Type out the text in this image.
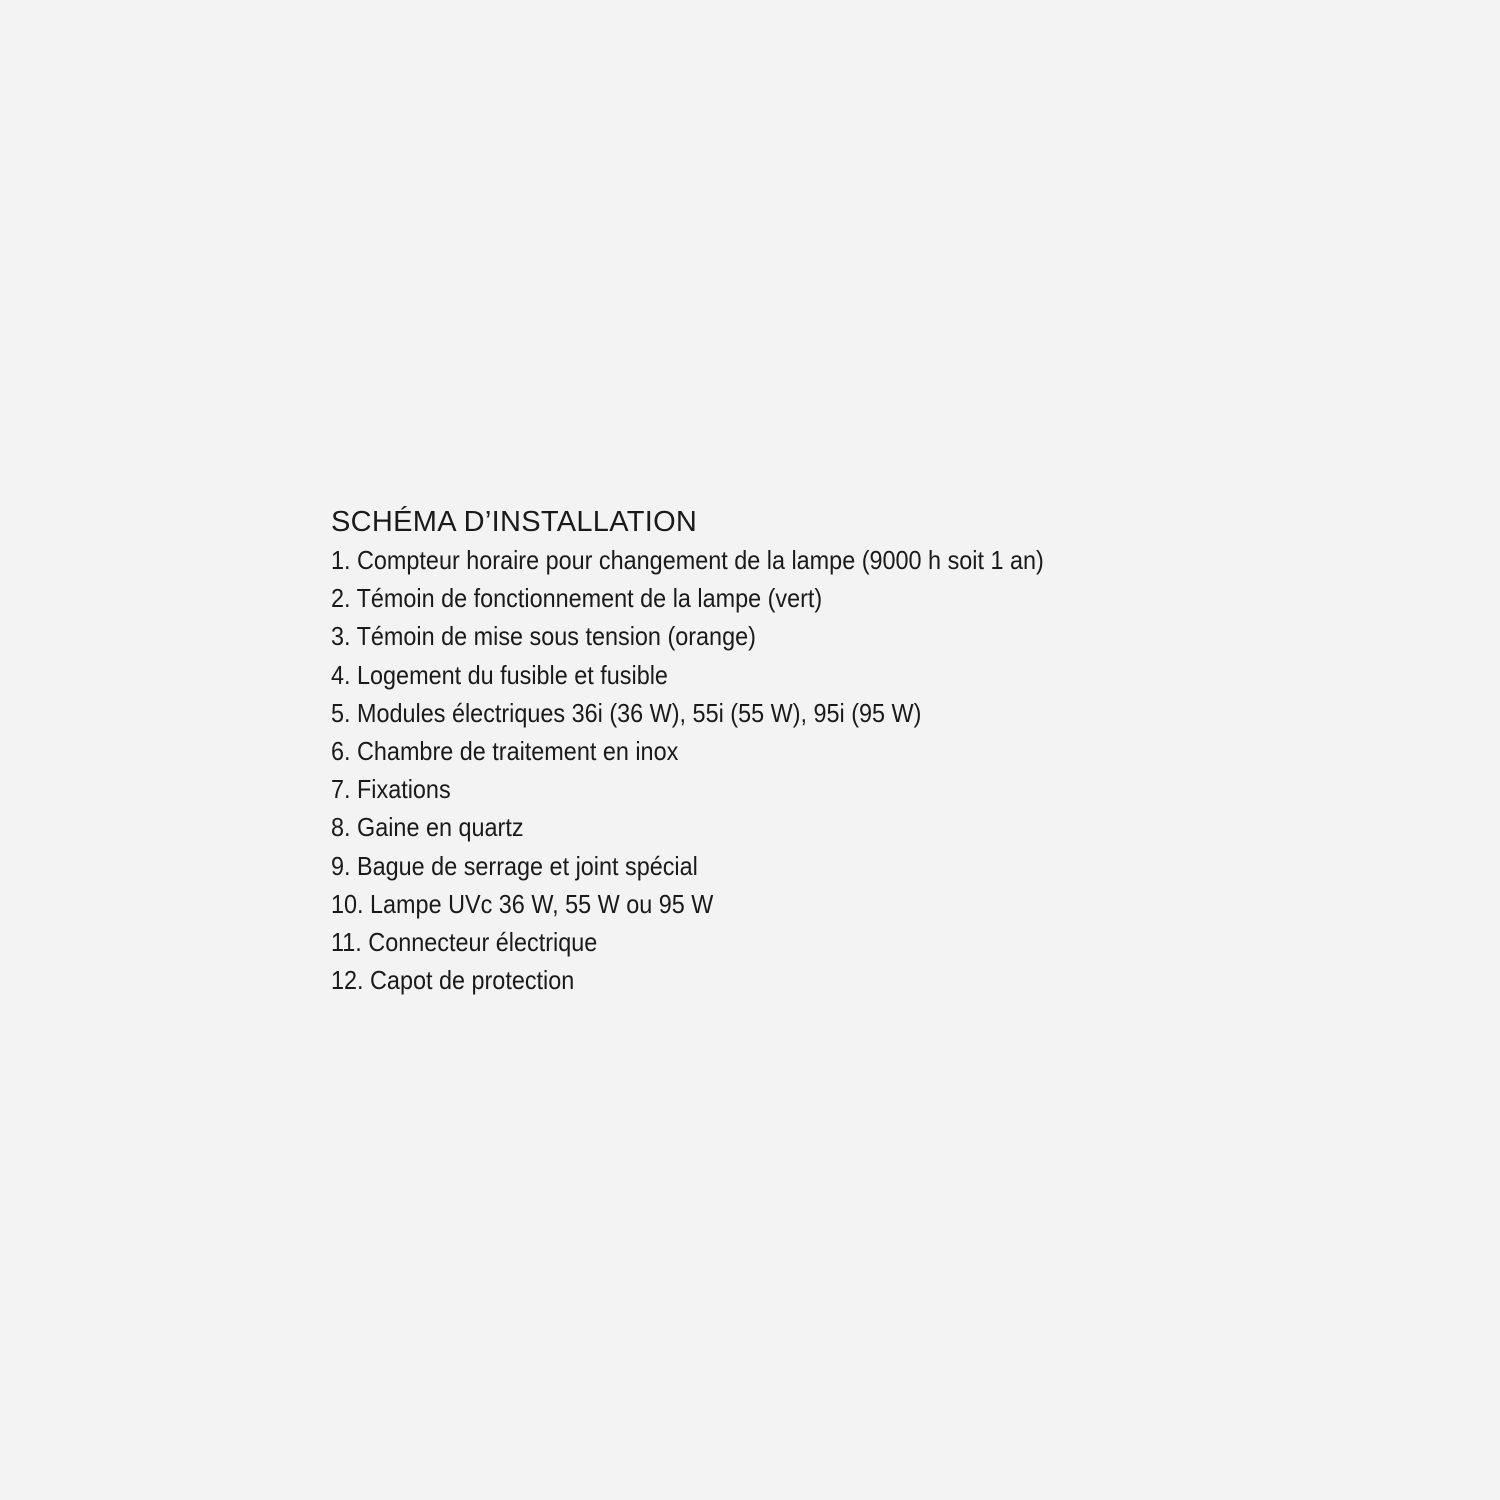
SCHÉMA D’INSTALLATION
1. Compteur horaire pour changement de la lampe (9000 h soit 1 an)
2. Témoin de fonctionnement de la lampe (vert)
3. Témoin de mise sous tension (orange)
4. Logement du fusible et fusible
5. Modules électriques 36i (36 W), 55i (55 W), 95i (95 W)
6. Chambre de traitement en inox
7. Fixations
8. Gaine en quartz
9. Bague de serrage et joint spécial
10. Lampe UVc 36 W, 55 W ou 95 W
11. Connecteur électrique
12. Capot de protection
